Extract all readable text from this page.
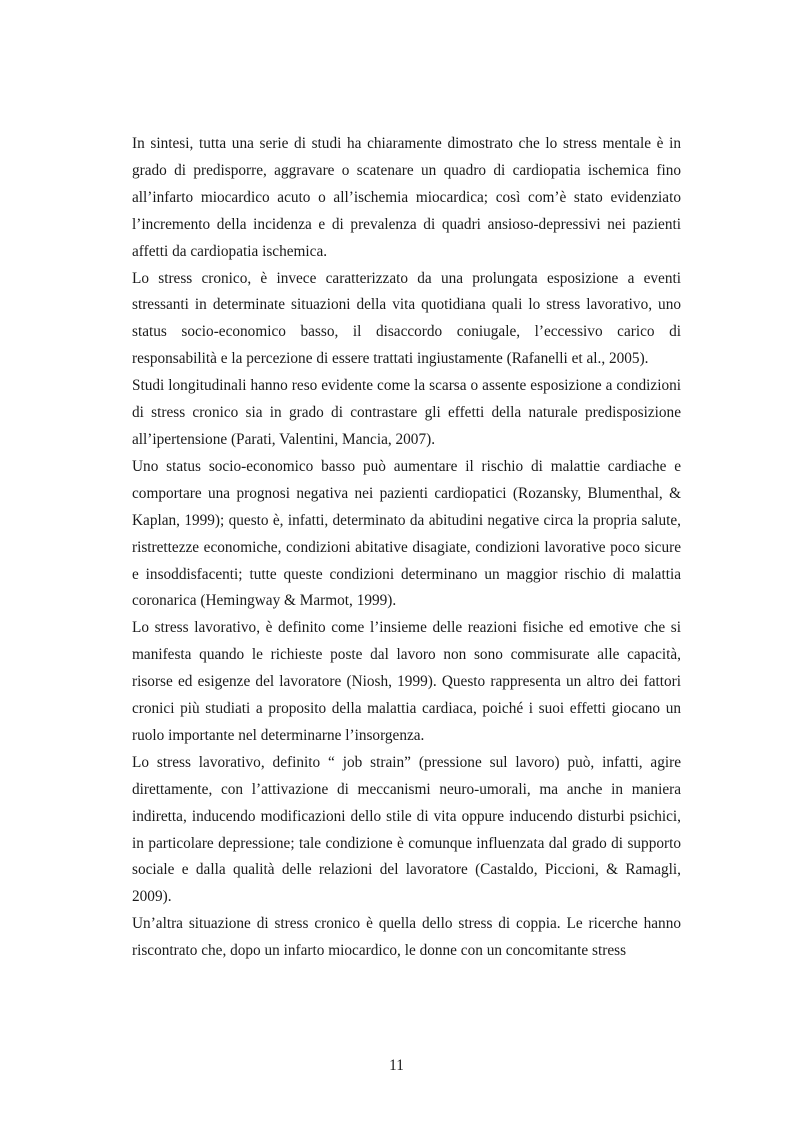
In sintesi, tutta una serie di studi ha chiaramente dimostrato che lo stress mentale è in grado di predisporre, aggravare o scatenare un quadro di cardiopatia ischemica fino all’infarto miocardico acuto o all’ischemia miocardica; così com’è stato evidenziato l’incremento della incidenza e di prevalenza di quadri ansioso-depressivi nei pazienti affetti da cardiopatia ischemica.

Lo stress cronico, è invece caratterizzato da una prolungata esposizione a eventi stressanti in determinate situazioni della vita quotidiana quali lo stress lavorativo, uno status socio-economico basso, il disaccordo coniugale, l’eccessivo carico di responsabilità e la percezione di essere trattati ingiustamente (Rafanelli et al., 2005).

Studi longitudinali hanno reso evidente come la scarsa o assente esposizione a condizioni di stress cronico sia in grado di contrastare gli effetti della naturale predisposizione all’ipertensione (Parati, Valentini, Mancia, 2007).

Uno status socio-economico basso può aumentare il rischio di malattie cardiache e comportare una prognosi negativa nei pazienti cardiopatici (Rozansky, Blumenthal, & Kaplan, 1999); questo è, infatti, determinato da abitudini negative circa la propria salute, ristrettezze economiche, condizioni abitative disagiate, condizioni lavorative poco sicure e insoddisfacenti; tutte queste condizioni determinano un maggior rischio di malattia coronarica (Hemingway & Marmot, 1999).

Lo stress lavorativo, è definito come l’insieme delle reazioni fisiche ed emotive che si manifesta quando le richieste poste dal lavoro non sono commisurate alle capacità, risorse ed esigenze del lavoratore (Niosh, 1999). Questo rappresenta un altro dei fattori cronici più studiati a proposito della malattia cardiaca, poiché i suoi effetti giocano un ruolo importante nel determinarne l’insorgenza.

Lo stress lavorativo, definito “ job strain” (pressione sul lavoro) può, infatti, agire direttamente, con l’attivazione di meccanismi neuro-umorali, ma anche in maniera indiretta, inducendo modificazioni dello stile di vita oppure inducendo disturbi psichici, in particolare depressione; tale condizione è comunque influenzata dal grado di supporto sociale e dalla qualità delle relazioni del lavoratore (Castaldo, Piccioni, & Ramagli, 2009).

Un’altra situazione di stress cronico è quella dello stress di coppia. Le ricerche hanno riscontrato che, dopo un infarto miocardico, le donne con un concomitante stress

11
